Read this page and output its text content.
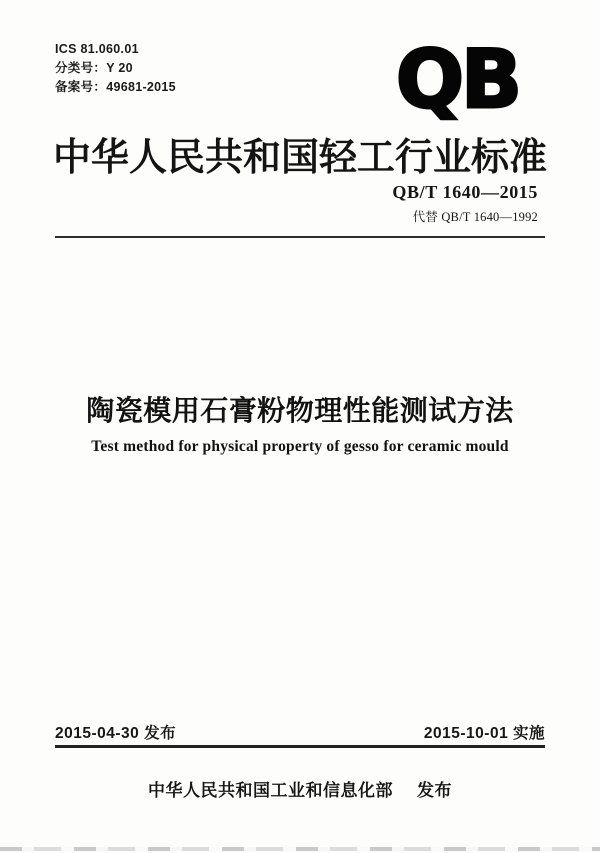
ICS 81.060.01
分类号：Y 20
备案号：49681-2015	QB
中华人民共和国轻工行业标准
QB/T 1640—2015
代替 QB/T 1640—1992
陶瓷模用石膏粉物理性能测试方法
Test method for physical property of gesso for ceramic mould
2015-04-30 发布	2015-10-01 实施
中华人民共和国工业和信息化部 发布
